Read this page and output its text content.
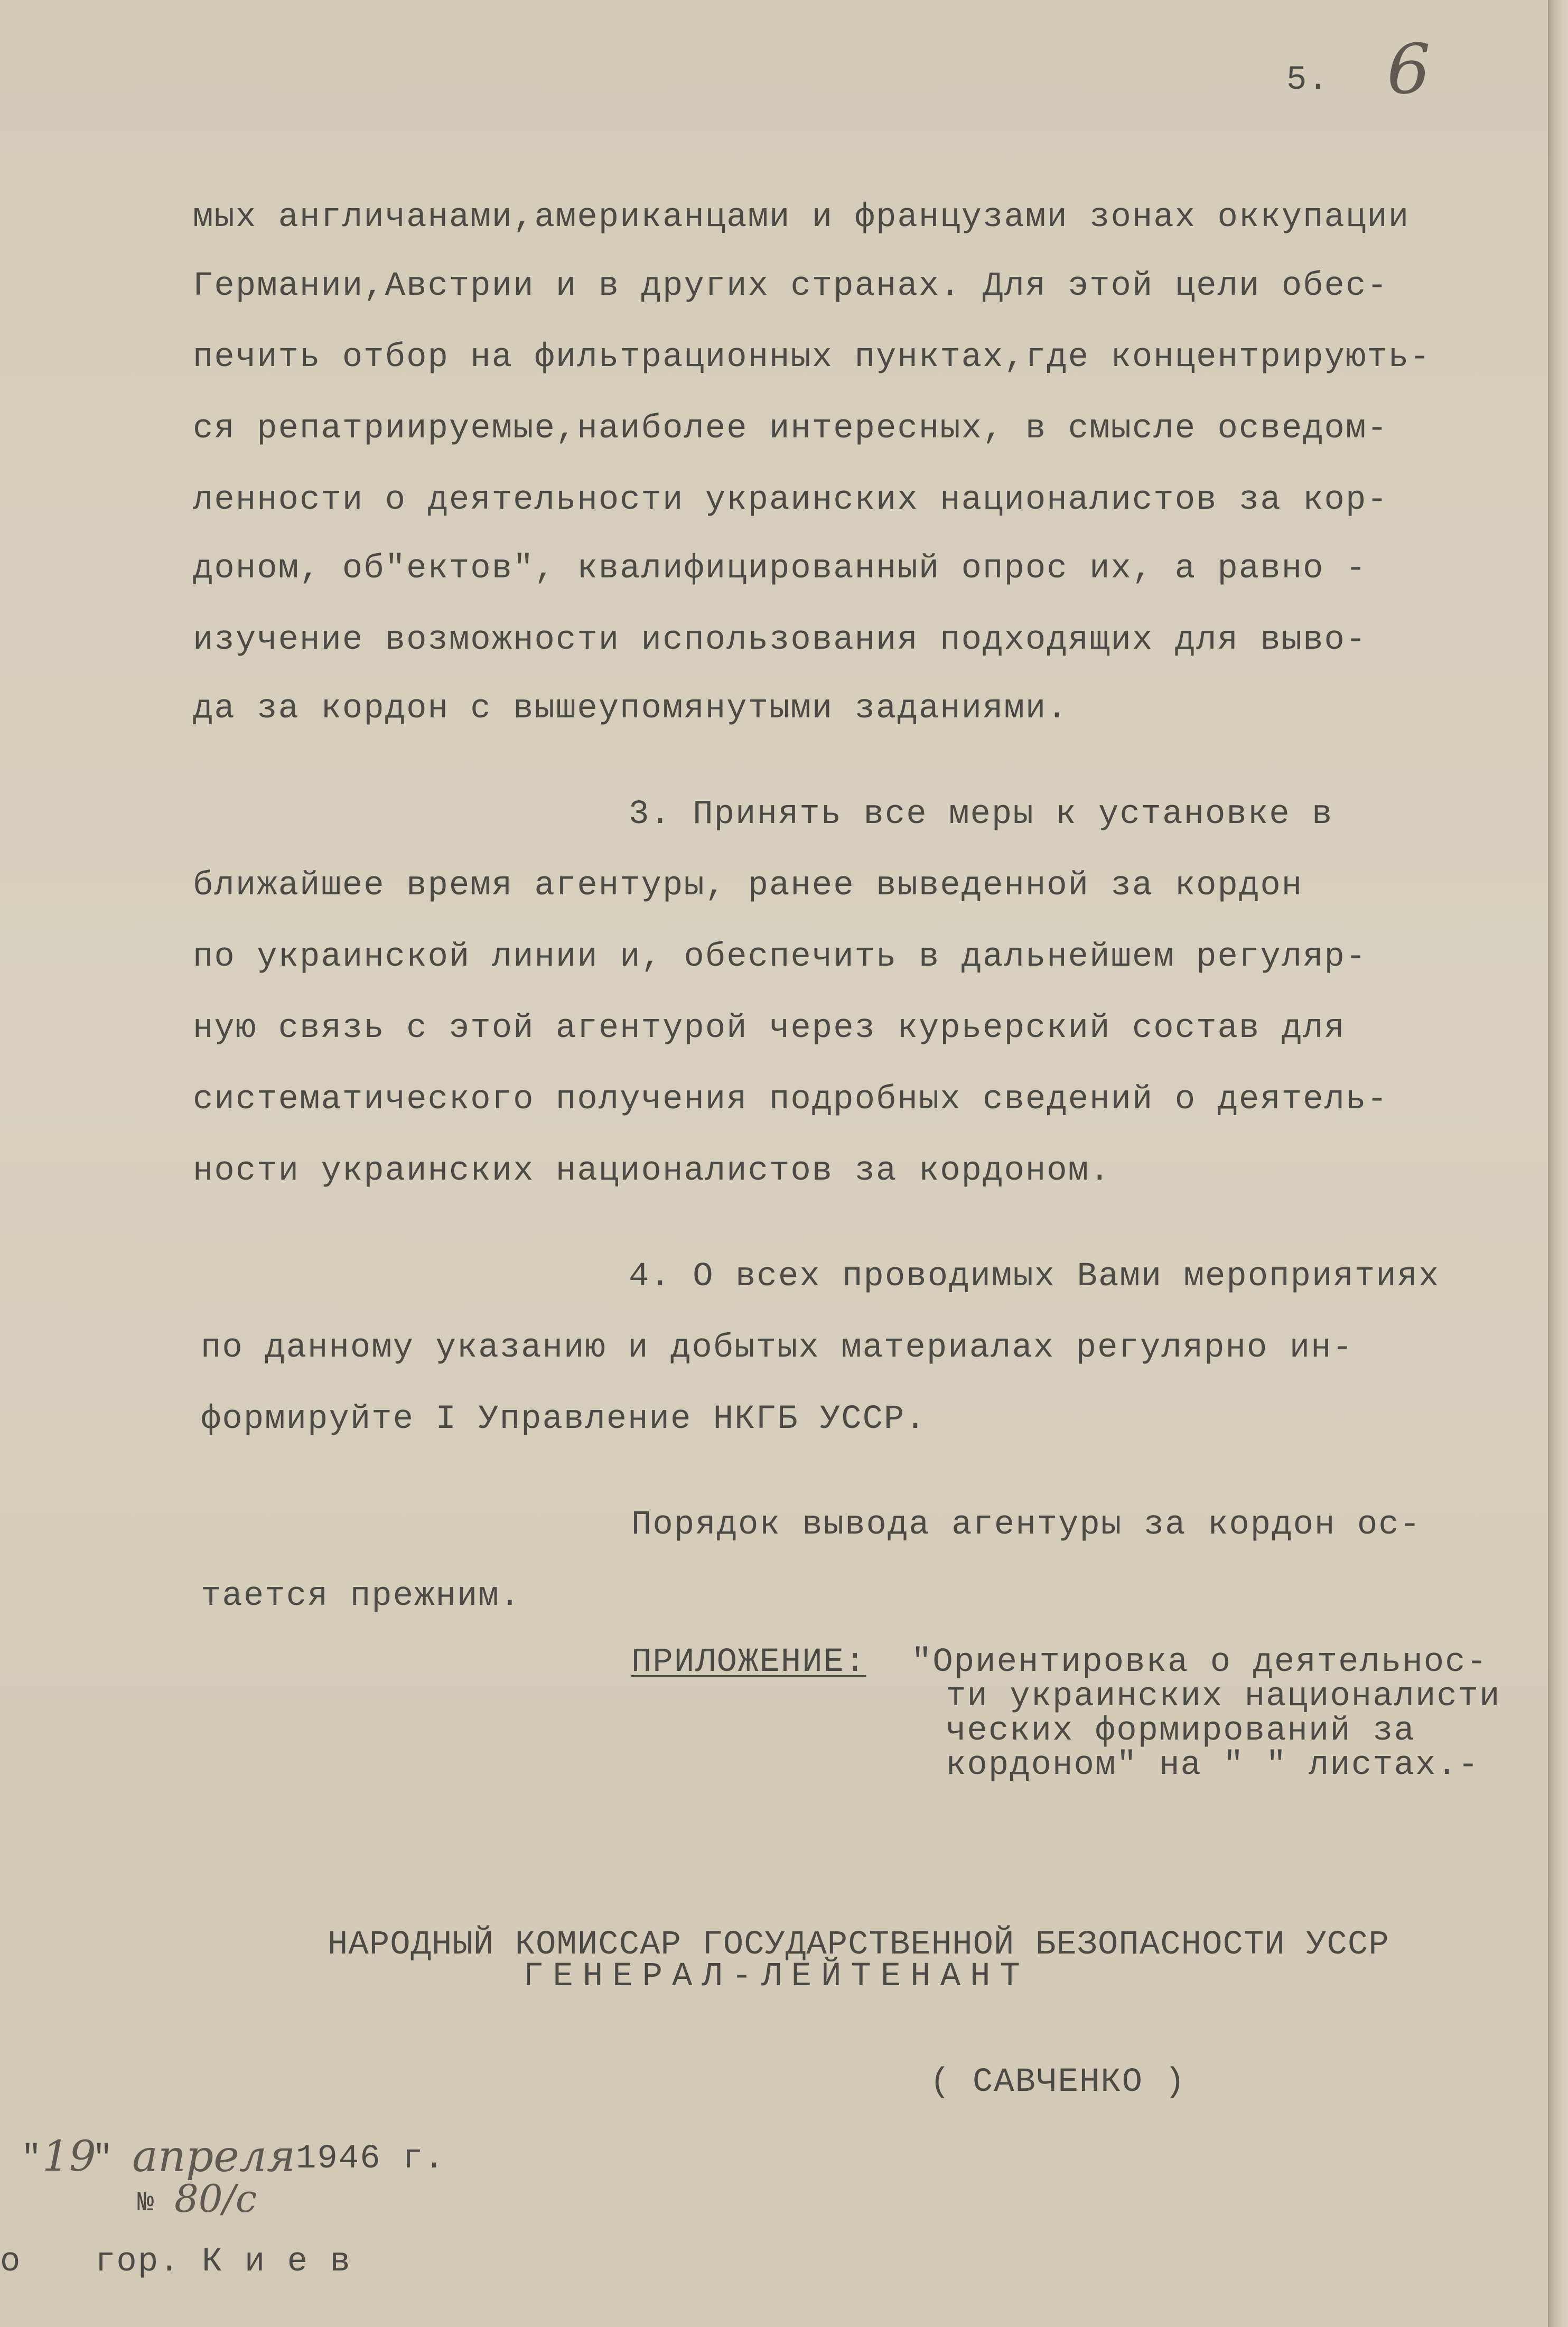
5. 6
мых англичанами,американцами и французами зонах оккупации
Германии,Австрии и в других странах. Для этой цели обес-
печить отбор на фильтрационных пунктах,где концентрирують-
ся репатриируемые,наиболее интересных, в смысле осведом-
ленности о деятельности украинских националистов за кор-
доном, об"ектов", квалифицированный опрос их, а равно -
изучение возможности использования подходящих для выво-
да за кордон с вышеупомянутыми заданиями.
3. Принять все меры к установке в
ближайшее время агентуры, ранее выведенной за кордон
по украинской линии и, обеспечить в дальнейшем регуляр-
ную связь с этой агентурой через курьерский состав для
систематического получения подробных сведений о деятель-
ности украинских националистов за кордоном.
4. О всех проводимых Вами мероприятиях
по данному указанию и добытых материалах регулярно ин-
формируйте I Управление НКГБ УССР.
Порядок вывода агентуры за кордон ос-
тается прежним.
ПРИЛОЖЕНИЕ: "Ориентировка о деятельнос-
ти украинских националисти
ческих формирований за
кордоном" на " " листах.-
НАРОДНЫЙ КОМИССАР ГОСУДАРСТВЕННОЙ БЕЗОПАСНОСТИ УССР
ГЕНЕРАЛ-ЛЕЙТЕНАНТ
( САВЧЕНКО )
" 19
" апреля 1946 г.
№ 80/с
о гор. К и е в
